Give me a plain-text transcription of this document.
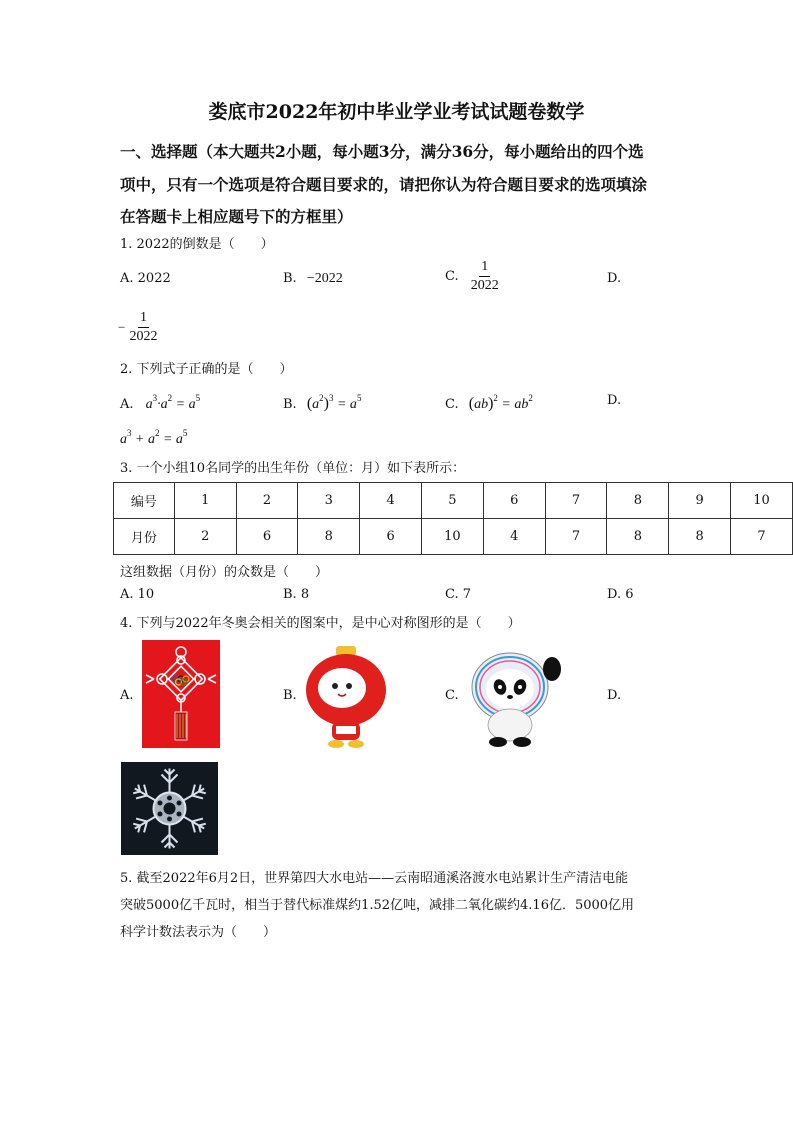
娄底市2022年初中毕业学业考试试题卷数学
一、选择题（本大题共2小题，每小题3分，满分36分，每小题给出的四个选
项中，只有一个选项是符合题目要求的，请把你认为符合题目要求的选项填涂
在答题卡上相应题号下的方框里）
1. 2022的倒数是（　　）
A. 2022	B. −2022	C. $\frac{1}{2022}$	D.
− $\frac{1}{2022}$
2. 下列式子正确的是（　　）
A. $a^3\cdot a^2 = a^5$	B. $(a^2)^3 = a^5$	C. $(ab)^2 = ab^2$	D.
$a^3 + a^2 = a^5$
3. 一个小组10名同学的出生年份（单位：月）如下表所示：
编号	1	2	3	4	5	6	7	8	9	10
月份	2	6	8	6	10	4	7	8	8	7
这组数据（月份）的众数是（　　）
A. 10	B. 8	C. 7	D. 6
4. 下列与2022年冬奥会相关的图案中，是中心对称图形的是（　　）
A.	B.	C.	D.
5. 截至2022年6月2日，世界第四大水电站——云南昭通溪洛渡水电站累计生产清洁电能
突破5000亿千瓦时，相当于替代标准煤约1.52亿吨，减排二氧化碳约4.16亿．5000亿用
科学计数法表示为（　　）
